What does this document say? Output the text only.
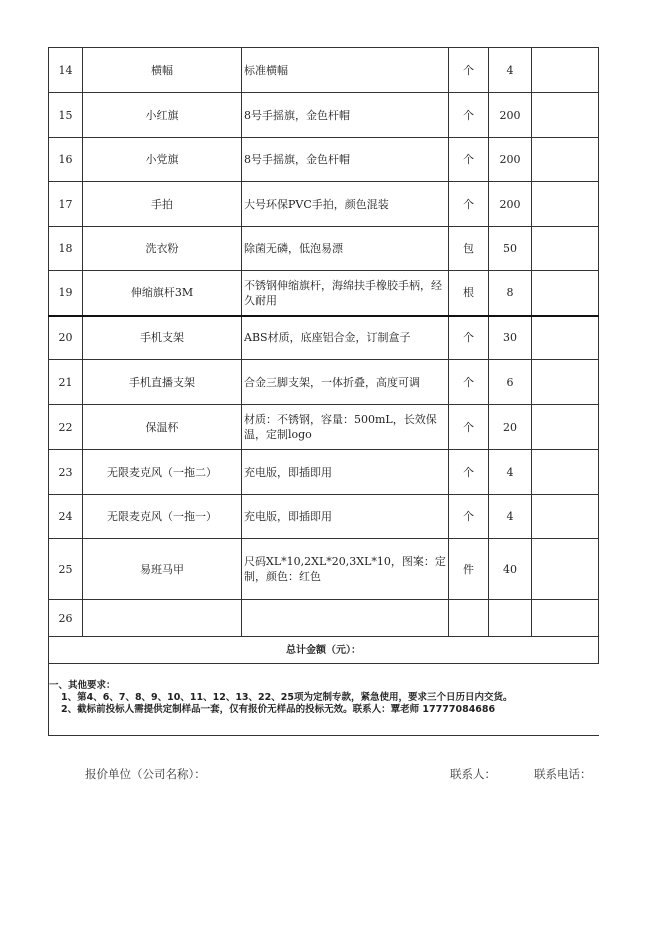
14	横幅	标准横幅	个	4	
15	小红旗	8号手摇旗，金色杆帽	个	200	
16	小党旗	8号手摇旗，金色杆帽	个	200	
17	手拍	大号环保PVC手拍，颜色混装	个	200	
18	洗衣粉	除菌无磷，低泡易漂	包	50	
19	伸缩旗杆3M	不锈钢伸缩旗杆，海绵扶手橡胶手柄，经久耐用	根	8	
20	手机支架	ABS材质，底座铝合金，订制盒子	个	30	
21	手机直播支架	合金三脚支架，一体折叠，高度可调	个	6	
22	保温杯	材质：不锈钢，容量：500mL，长效保温，定制logo	个	20	
23	无限麦克风（一拖二）	充电版，即插即用	个	4	
24	无限麦克风（一拖一）	充电版，即插即用	个	4	
25	易班马甲	尺码XL*10,2XL*20,3XL*10，图案：定制，颜色：红色	件	40	
26					
总计金额（元）：					
一、其他要求：
1、第4、6、7、8、9、10、11、12、13、22、25项为定制专款，紧急使用，要求三个日历日内交货。
2、截标前投标人需提供定制样品一套，仅有报价无样品的投标无效。联系人：覃老师 17777084686
报价单位（公司名称）：	联系人：	联系电话：
